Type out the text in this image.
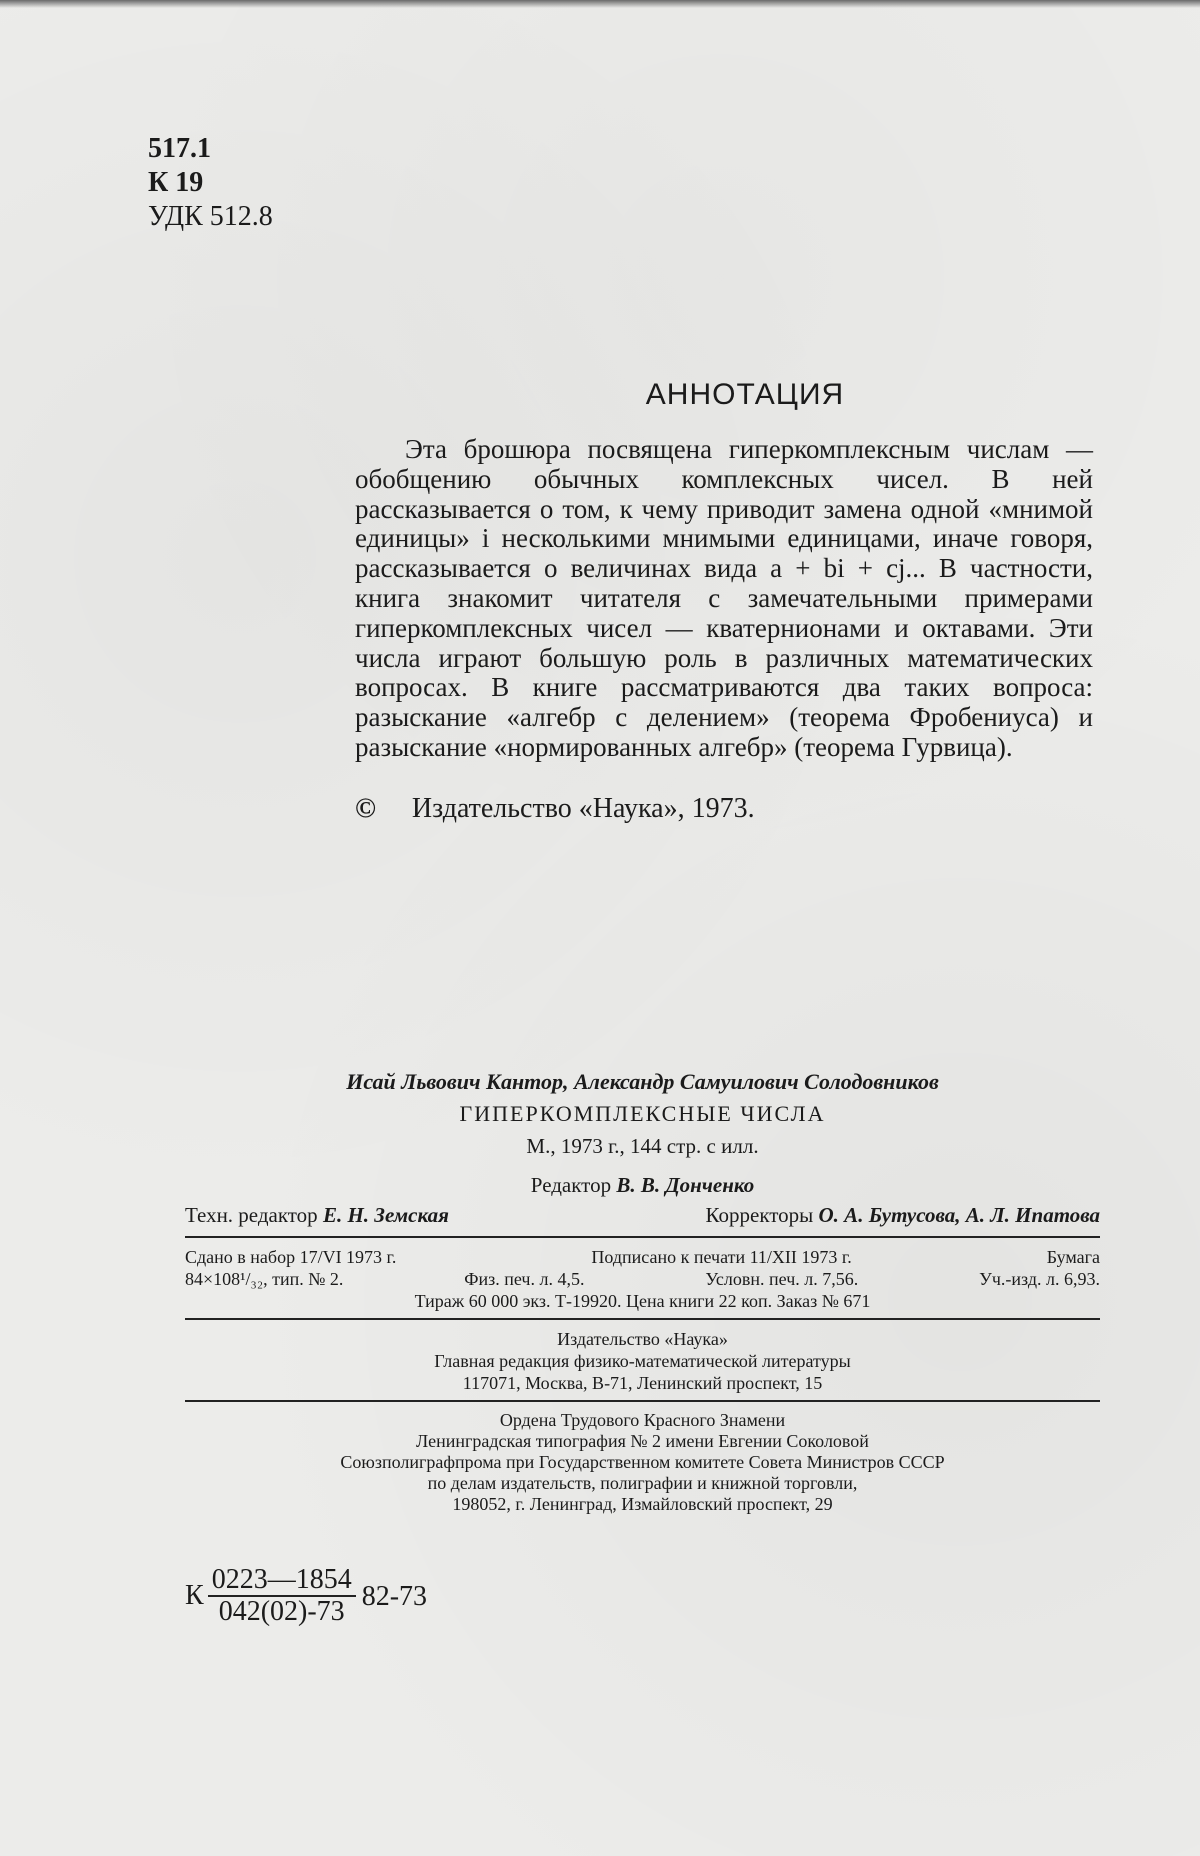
517.1
К 19
УДК 512.8
АННОТАЦИЯ

Эта брошюра посвящена гиперкомплексным числам — обобщению обычных комплексных чисел. В ней рассказывается о том, к чему приводит замена одной «мнимой единицы» i несколькими мнимыми единицами, иначе говоря, рассказывается о величинах вида a + bi + cj... В частности, книга знакомит читателя с замечательными примерами гиперкомплексных чисел — кватернионами и октавами. Эти числа играют большую роль в различных математических вопросах. В книге рассматриваются два таких вопроса: разыскание «алгебр с делением» (теорема Фробениуса) и разыскание «нормированных алгебр» (теорема Гурвица).

© Издательство «Наука», 1973.
Исай Львович Кантор, Александр Самуилович Солодовников
ГИПЕРКОМПЛЕКСНЫЕ ЧИСЛА
М., 1973 г., 144 стр. с илл.
Редактор В. В. Донченко
Техн. редактор Е. Н. Земская	Корректоры О. А. Бутусова, А. Л. Ипатова
Сдано в набор 17/VI 1973 г.	Подписано к печати 11/XII 1973 г.	Бумага
84×108¹/₃₂, тип. № 2.	Физ. печ. л. 4,5.	Условн. печ. л. 7,56.	Уч.-изд. л. 6,93.
Тираж 60 000 экз. Т-19920. Цена книги 22 коп. Заказ № 671
Издательство «Наука»
Главная редакция физико-математической литературы
117071, Москва, В-71, Ленинский проспект, 15
Ордена Трудового Красного Знамени
Ленинградская типография № 2 имени Евгении Соколовой
Союзполиграфпрома при Государственном комитете Совета Министров СССР
по делам издательств, полиграфии и книжной торговли,
198052, г. Ленинград, Измайловский проспект, 29
К $\frac{0223—1854}{042(02)-73} 82-73$
